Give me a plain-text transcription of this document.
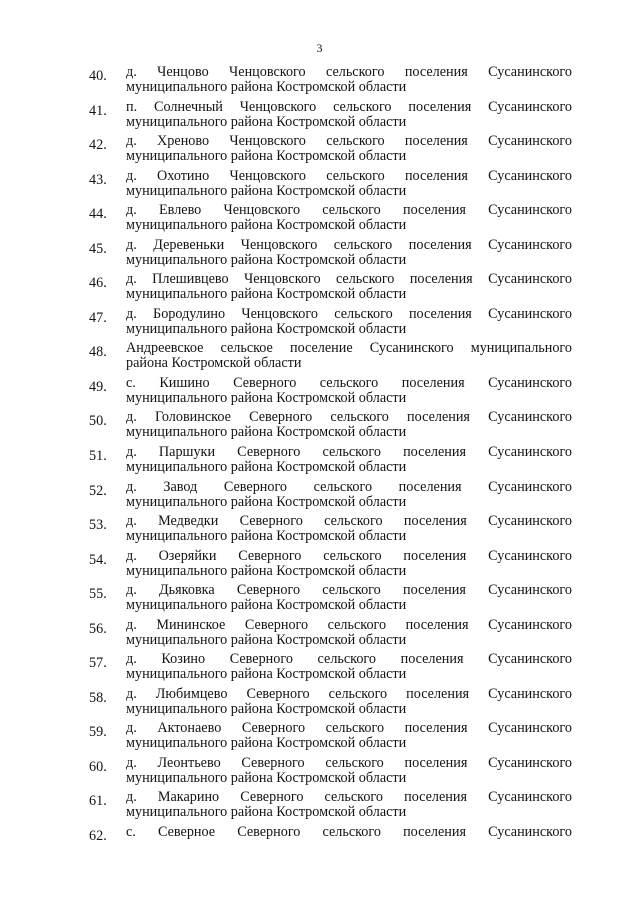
3
40. д. Ченцово Ченцовского сельского поселения Сусанинского
муниципального района Костромской области
41. п. Солнечный Ченцовского сельского поселения Сусанинского
муниципального района Костромской области
42. д. Хреново Ченцовского сельского поселения Сусанинского
муниципального района Костромской области
43. д. Охотино Ченцовского сельского поселения Сусанинского
муниципального района Костромской области
44. д. Евлево Ченцовского сельского поселения Сусанинского
муниципального района Костромской области
45. д. Деревеньки Ченцовского сельского поселения Сусанинского
муниципального района Костромской области
46. д. Плешивцево Ченцовского сельского поселения Сусанинского
муниципального района Костромской области
47. д. Бородулино Ченцовского сельского поселения Сусанинского
муниципального района Костромской области
48. Андреевское сельское поселение Сусанинского муниципального
района Костромской области
49. с. Кишино Северного сельского поселения Сусанинского
муниципального района Костромской области
50. д. Головинское Северного сельского поселения Сусанинского
муниципального района Костромской области
51. д. Паршуки Северного сельского поселения Сусанинского
муниципального района Костромской области
52. д. Завод Северного сельского поселения Сусанинского
муниципального района Костромской области
53. д. Медведки Северного сельского поселения Сусанинского
муниципального района Костромской области
54. д. Озеряйки Северного сельского поселения Сусанинского
муниципального района Костромской области
55. д. Дьяковка Северного сельского поселения Сусанинского
муниципального района Костромской области
56. д. Мининское Северного сельского поселения Сусанинского
муниципального района Костромской области
57. д. Козино Северного сельского поселения Сусанинского
муниципального района Костромской области
58. д. Любимцево Северного сельского поселения Сусанинского
муниципального района Костромской области
59. д. Актонаево Северного сельского поселения Сусанинского
муниципального района Костромской области
60. д. Леонтьево Северного сельского поселения Сусанинского
муниципального района Костромской области
61. д. Макарино Северного сельского поселения Сусанинского
муниципального района Костромской области
62. с. Северное Северного сельского поселения Сусанинского
